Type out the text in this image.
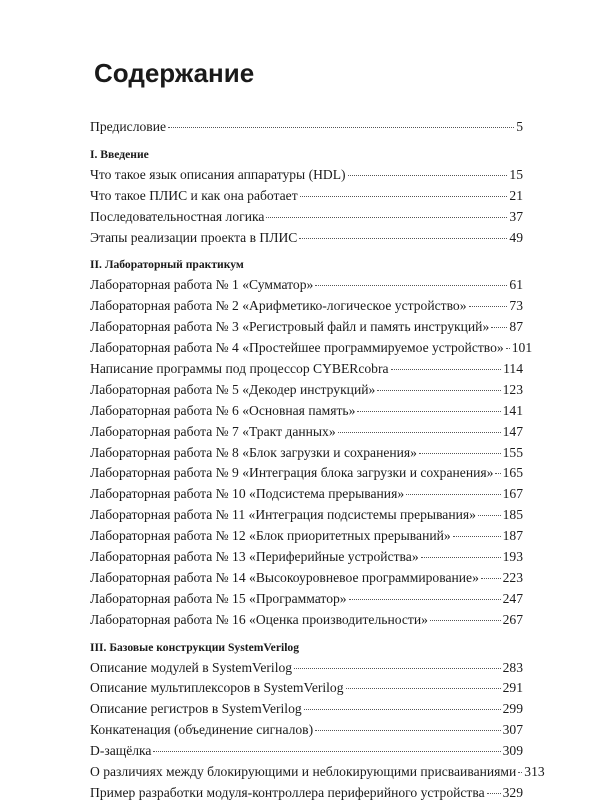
Содержание
Предисловие	5
I. Введение
Что такое язык описания аппаратуры (HDL)	15
Что такое ПЛИС и как она работает	21
Последовательностная логика	37
Этапы реализации проекта в ПЛИС	49
II. Лабораторный практикум
Лабораторная работа № 1 «Сумматор»	61
Лабораторная работа № 2 «Арифметико-логическое устройство»	73
Лабораторная работа № 3 «Регистровый файл и память инструкций» 87
Лабораторная работа № 4 «Простейшее программируемое устройство» 101
Написание программы под процессор CYBERcobra	114
Лабораторная работа № 5 «Декодер инструкций»	123
Лабораторная работа № 6 «Основная память»	141
Лабораторная работа № 7 «Тракт данных»	147
Лабораторная работа № 8 «Блок загрузки и сохранения»	155
Лабораторная работа № 9 «Интеграция блока загрузки и сохранения» 165
Лабораторная работа № 10 «Подсистема прерывания»	167
Лабораторная работа № 11 «Интеграция подсистемы прерывания» 185
Лабораторная работа № 12 «Блок приоритетных прерываний»	187
Лабораторная работа № 13 «Периферийные устройства»	193
Лабораторная работа № 14 «Высокоуровневое программирование» 223
Лабораторная работа № 15 «Программатор»	247
Лабораторная работа № 16 «Оценка производительности»	267
III. Базовые конструкции SystemVerilog
Описание модулей в SystemVerilog	283
Описание мультиплексоров в SystemVerilog	291
Описание регистров в SystemVerilog	299
Конкатенация (объединение сигналов)	307
D-защёлка	309
О различиях между блокирующими и неблокирующими присваиваниями 313
Пример разработки модуля-контроллера периферийного устройства 329
